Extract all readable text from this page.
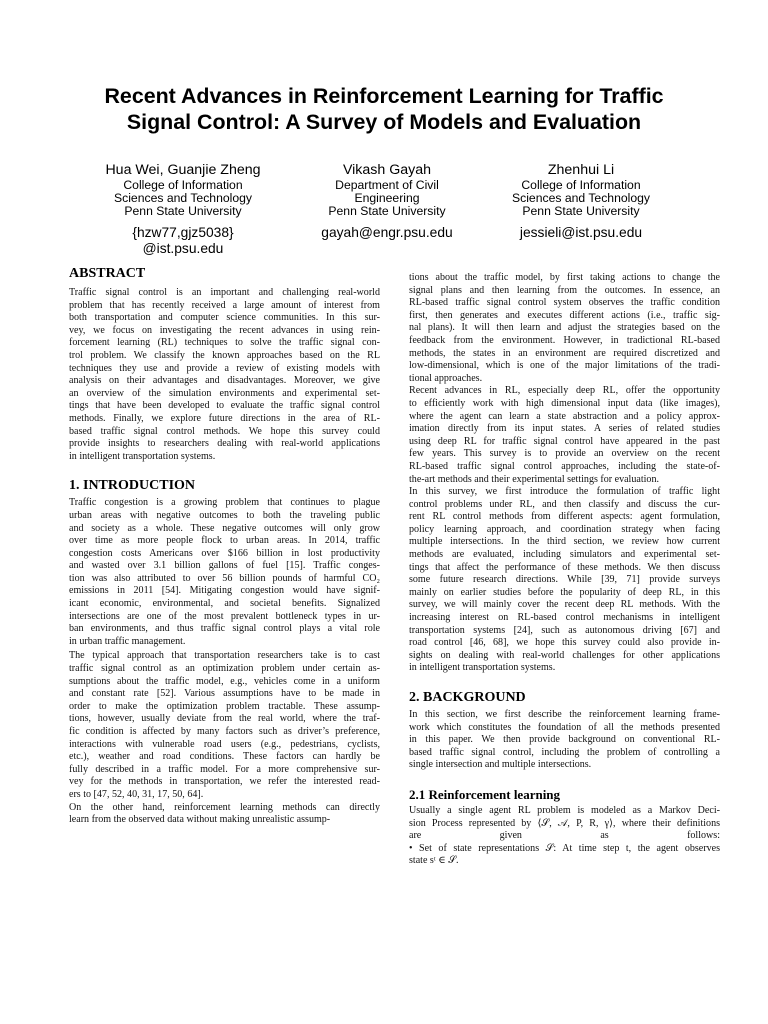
Recent Advances in Reinforcement Learning for Traffic
Signal Control: A Survey of Models and Evaluation
Hua Wei, Guanjie Zheng
College of Information
Sciences and Technology
Penn State University
{hzw77,gjz5038}
@ist.psu.edu
Vikash Gayah
Department of Civil
Engineering
Penn State University
gayah@engr.psu.edu
Zhenhui Li
College of Information
Sciences and Technology
Penn State University
jessieli@ist.psu.edu
ABSTRACT
Traffic signal control is an important and challenging real-world
problem that has recently received a large amount of interest from
both transportation and computer science communities. In this sur-
vey, we focus on investigating the recent advances in using rein-
forcement learning (RL) techniques to solve the traffic signal con-
trol problem. We classify the known approaches based on the RL
techniques they use and provide a review of existing models with
analysis on their advantages and disadvantages. Moreover, we give
an overview of the simulation environments and experimental set-
tings that have been developed to evaluate the traffic signal control
methods. Finally, we explore future directions in the area of RL-
based traffic signal control methods. We hope this survey could
provide insights to researchers dealing with real-world applications
in intelligent transportation systems.
1. INTRODUCTION
Traffic congestion is a growing problem that continues to plague
urban areas with negative outcomes to both the traveling public
and society as a whole. These negative outcomes will only grow
over time as more people flock to urban areas. In 2014, traffic
congestion costs Americans over $166 billion in lost productivity
and wasted over 3.1 billion gallons of fuel [15]. Traffic conges-
tion was also attributed to over 56 billion pounds of harmful CO₂
emissions in 2011 [54]. Mitigating congestion would have signif-
icant economic, environmental, and societal benefits. Signalized
intersections are one of the most prevalent bottleneck types in ur-
ban environments, and thus traffic signal control plays a vital role
in urban traffic management.
The typical approach that transportation researchers take is to cast
traffic signal control as an optimization problem under certain as-
sumptions about the traffic model, e.g., vehicles come in a uniform
and constant rate [52]. Various assumptions have to be made in
order to make the optimization problem tractable. These assump-
tions, however, usually deviate from the real world, where the traf-
fic condition is affected by many factors such as driver’s preference,
interactions with vulnerable road users (e.g., pedestrians, cyclists,
etc.), weather and road conditions. These factors can hardly be
fully described in a traffic model. For a more comprehensive sur-
vey for the methods in transportation, we refer the interested read-
ers to [47, 52, 40, 31, 17, 50, 64].
On the other hand, reinforcement learning methods can directly
learn from the observed data without making unrealistic assump-
tions about the traffic model, by first taking actions to change the
signal plans and then learning from the outcomes. In essence, an
RL-based traffic signal control system observes the traffic condition
first, then generates and executes different actions (i.e., traffic sig-
nal plans). It will then learn and adjust the strategies based on the
feedback from the environment. However, in tradictional RL-based
methods, the states in an environment are required discretized and
low-dimensional, which is one of the major limitations of the tradi-
tional approaches.
Recent advances in RL, especially deep RL, offer the opportunity
to efficiently work with high dimensional input data (like images),
where the agent can learn a state abstraction and a policy approx-
imation directly from its input states. A series of related studies
using deep RL for traffic signal control have appeared in the past
few years. This survey is to provide an overview on the recent
RL-based traffic signal control approaches, including the state-of-
the-art methods and their experimental settings for evaluation.
In this survey, we first introduce the formulation of traffic light
control problems under RL, and then classify and discuss the cur-
rent RL control methods from different aspects: agent formulation,
policy learning approach, and coordination strategy when facing
multiple intersections. In the third section, we review how current
methods are evaluated, including simulators and experimental set-
tings that affect the performance of these methods. We then discuss
some future research directions. While [39, 71] provide surveys
mainly on earlier studies before the popularity of deep RL, in this
survey, we will mainly cover the recent deep RL methods. With the
increasing interest on RL-based control mechanisms in intelligent
transportation systems [24], such as autonomous driving [67] and
road control [46, 68], we hope this survey could also provide in-
sights on dealing with real-world challenges for other applications
in intelligent transportation systems.
2. BACKGROUND
In this section, we first describe the reinforcement learning frame-
work which constitutes the foundation of all the methods presented
in this paper. We then provide background on conventional RL-
based traffic signal control, including the problem of controlling a
single intersection and multiple intersections.
2.1 Reinforcement learning
Usually a single agent RL problem is modeled as a Markov Deci-
sion Process represented by ⟨𝒮, 𝒜, P, R, γ⟩, where their definitions
are given as follows:
• Set of state representations 𝒮: At time step t, the agent observes
state sᵗ ∈ 𝒮.
